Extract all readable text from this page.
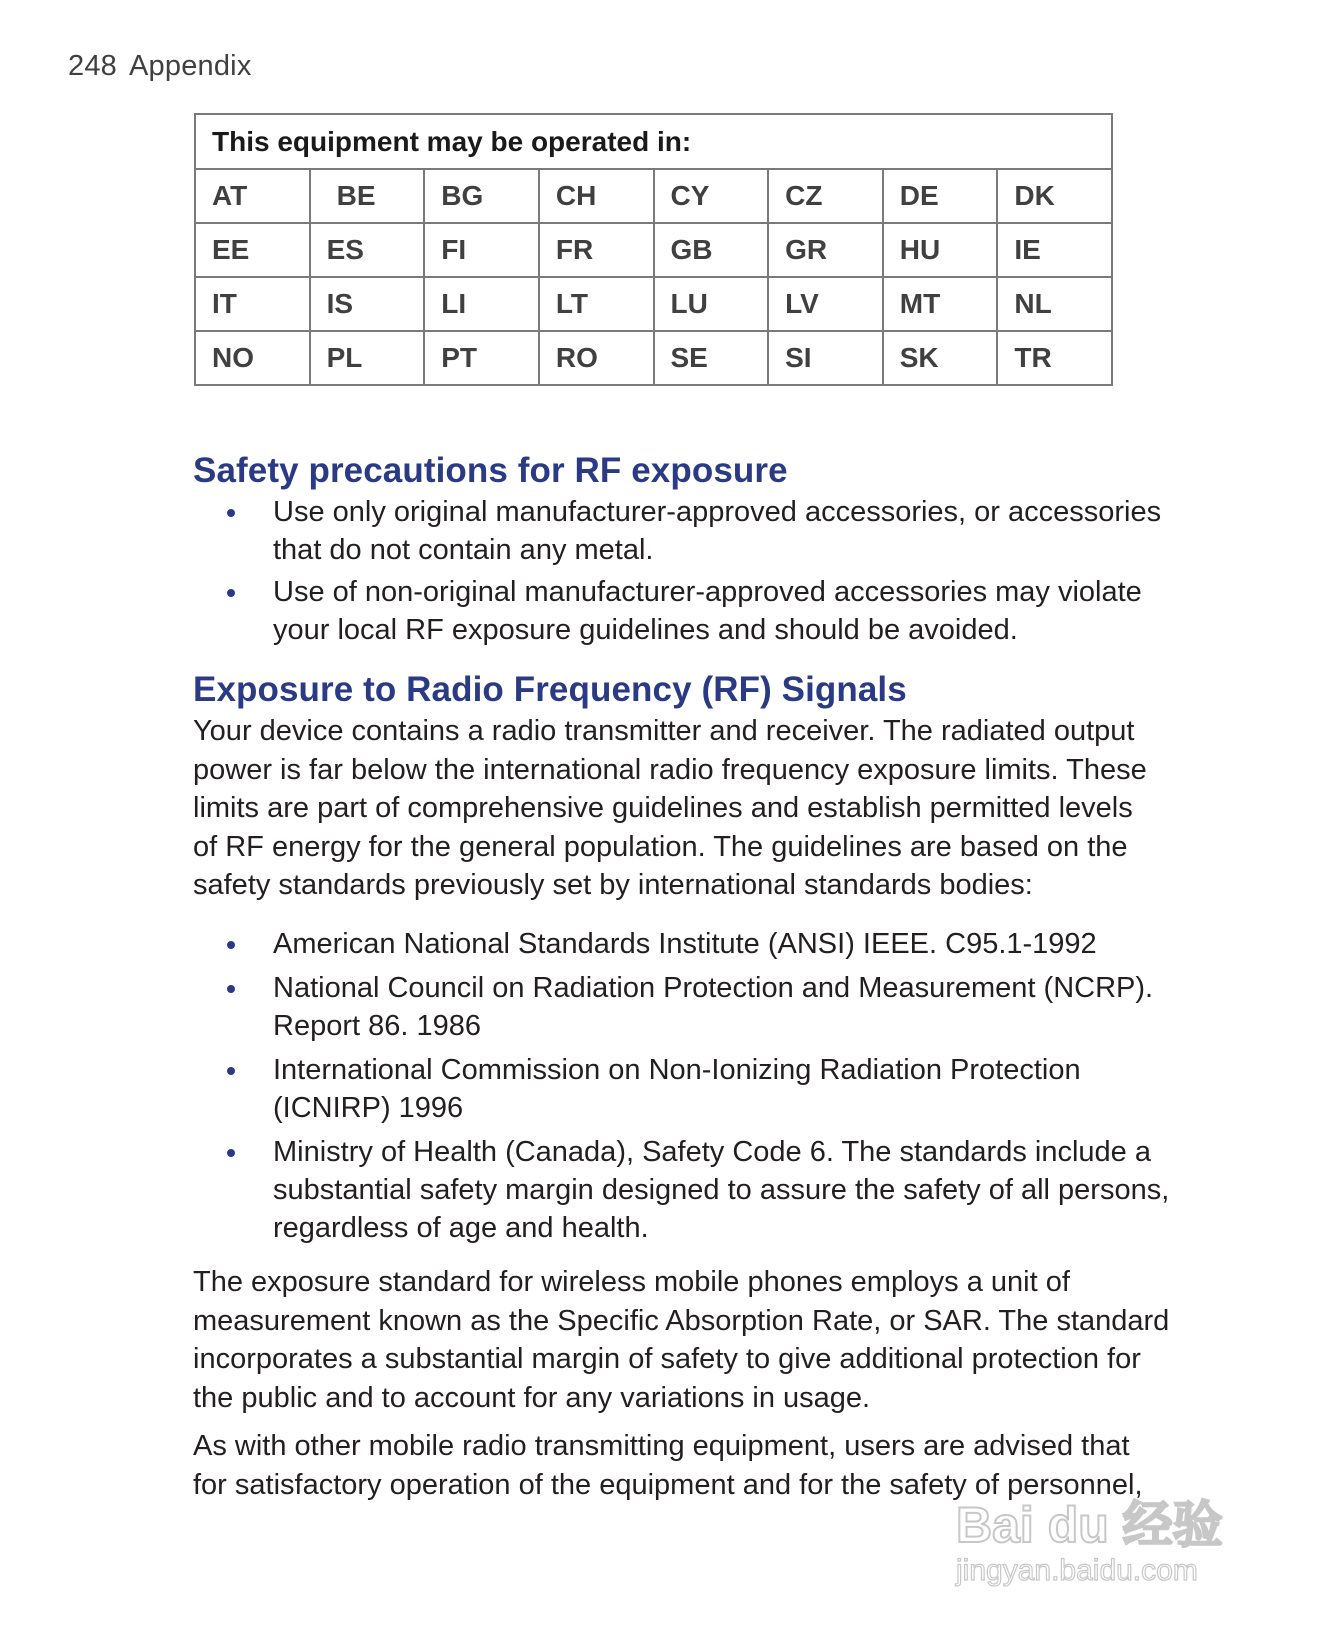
248 Appendix
This equipment may be operated in:							
AT	BE	BG	CH	CY	CZ	DE	DK
EE	ES	FI	FR	GB	GR	HU	IE
IT	IS	LI	LT	LU	LV	MT	NL
NO	PL	PT	RO	SE	SI	SK	TR
Safety precautions for RF exposure
Use only original manufacturer-approved accessories, or accessories
that do not contain any metal.
Use of non-original manufacturer-approved accessories may violate
your local RF exposure guidelines and should be avoided.
Exposure to Radio Frequency (RF) Signals
Your device contains a radio transmitter and receiver. The radiated output
power is far below the international radio frequency exposure limits. These
limits are part of comprehensive guidelines and establish permitted levels
of RF energy for the general population. The guidelines are based on the
safety standards previously set by international standards bodies:
American National Standards Institute (ANSI) IEEE. C95.1-1992
National Council on Radiation Protection and Measurement (NCRP).
Report 86. 1986
International Commission on Non-Ionizing Radiation Protection
(ICNIRP) 1996
Ministry of Health (Canada), Safety Code 6. The standards include a
substantial safety margin designed to assure the safety of all persons,
regardless of age and health.
The exposure standard for wireless mobile phones employs a unit of
measurement known as the Specific Absorption Rate, or SAR. The standard
incorporates a substantial margin of safety to give additional protection for
the public and to account for any variations in usage.
As with other mobile radio transmitting equipment, users are advised that
for satisfactory operation of the equipment and for the safety of personnel,
Bai du 经验
jingyan.baidu.com
